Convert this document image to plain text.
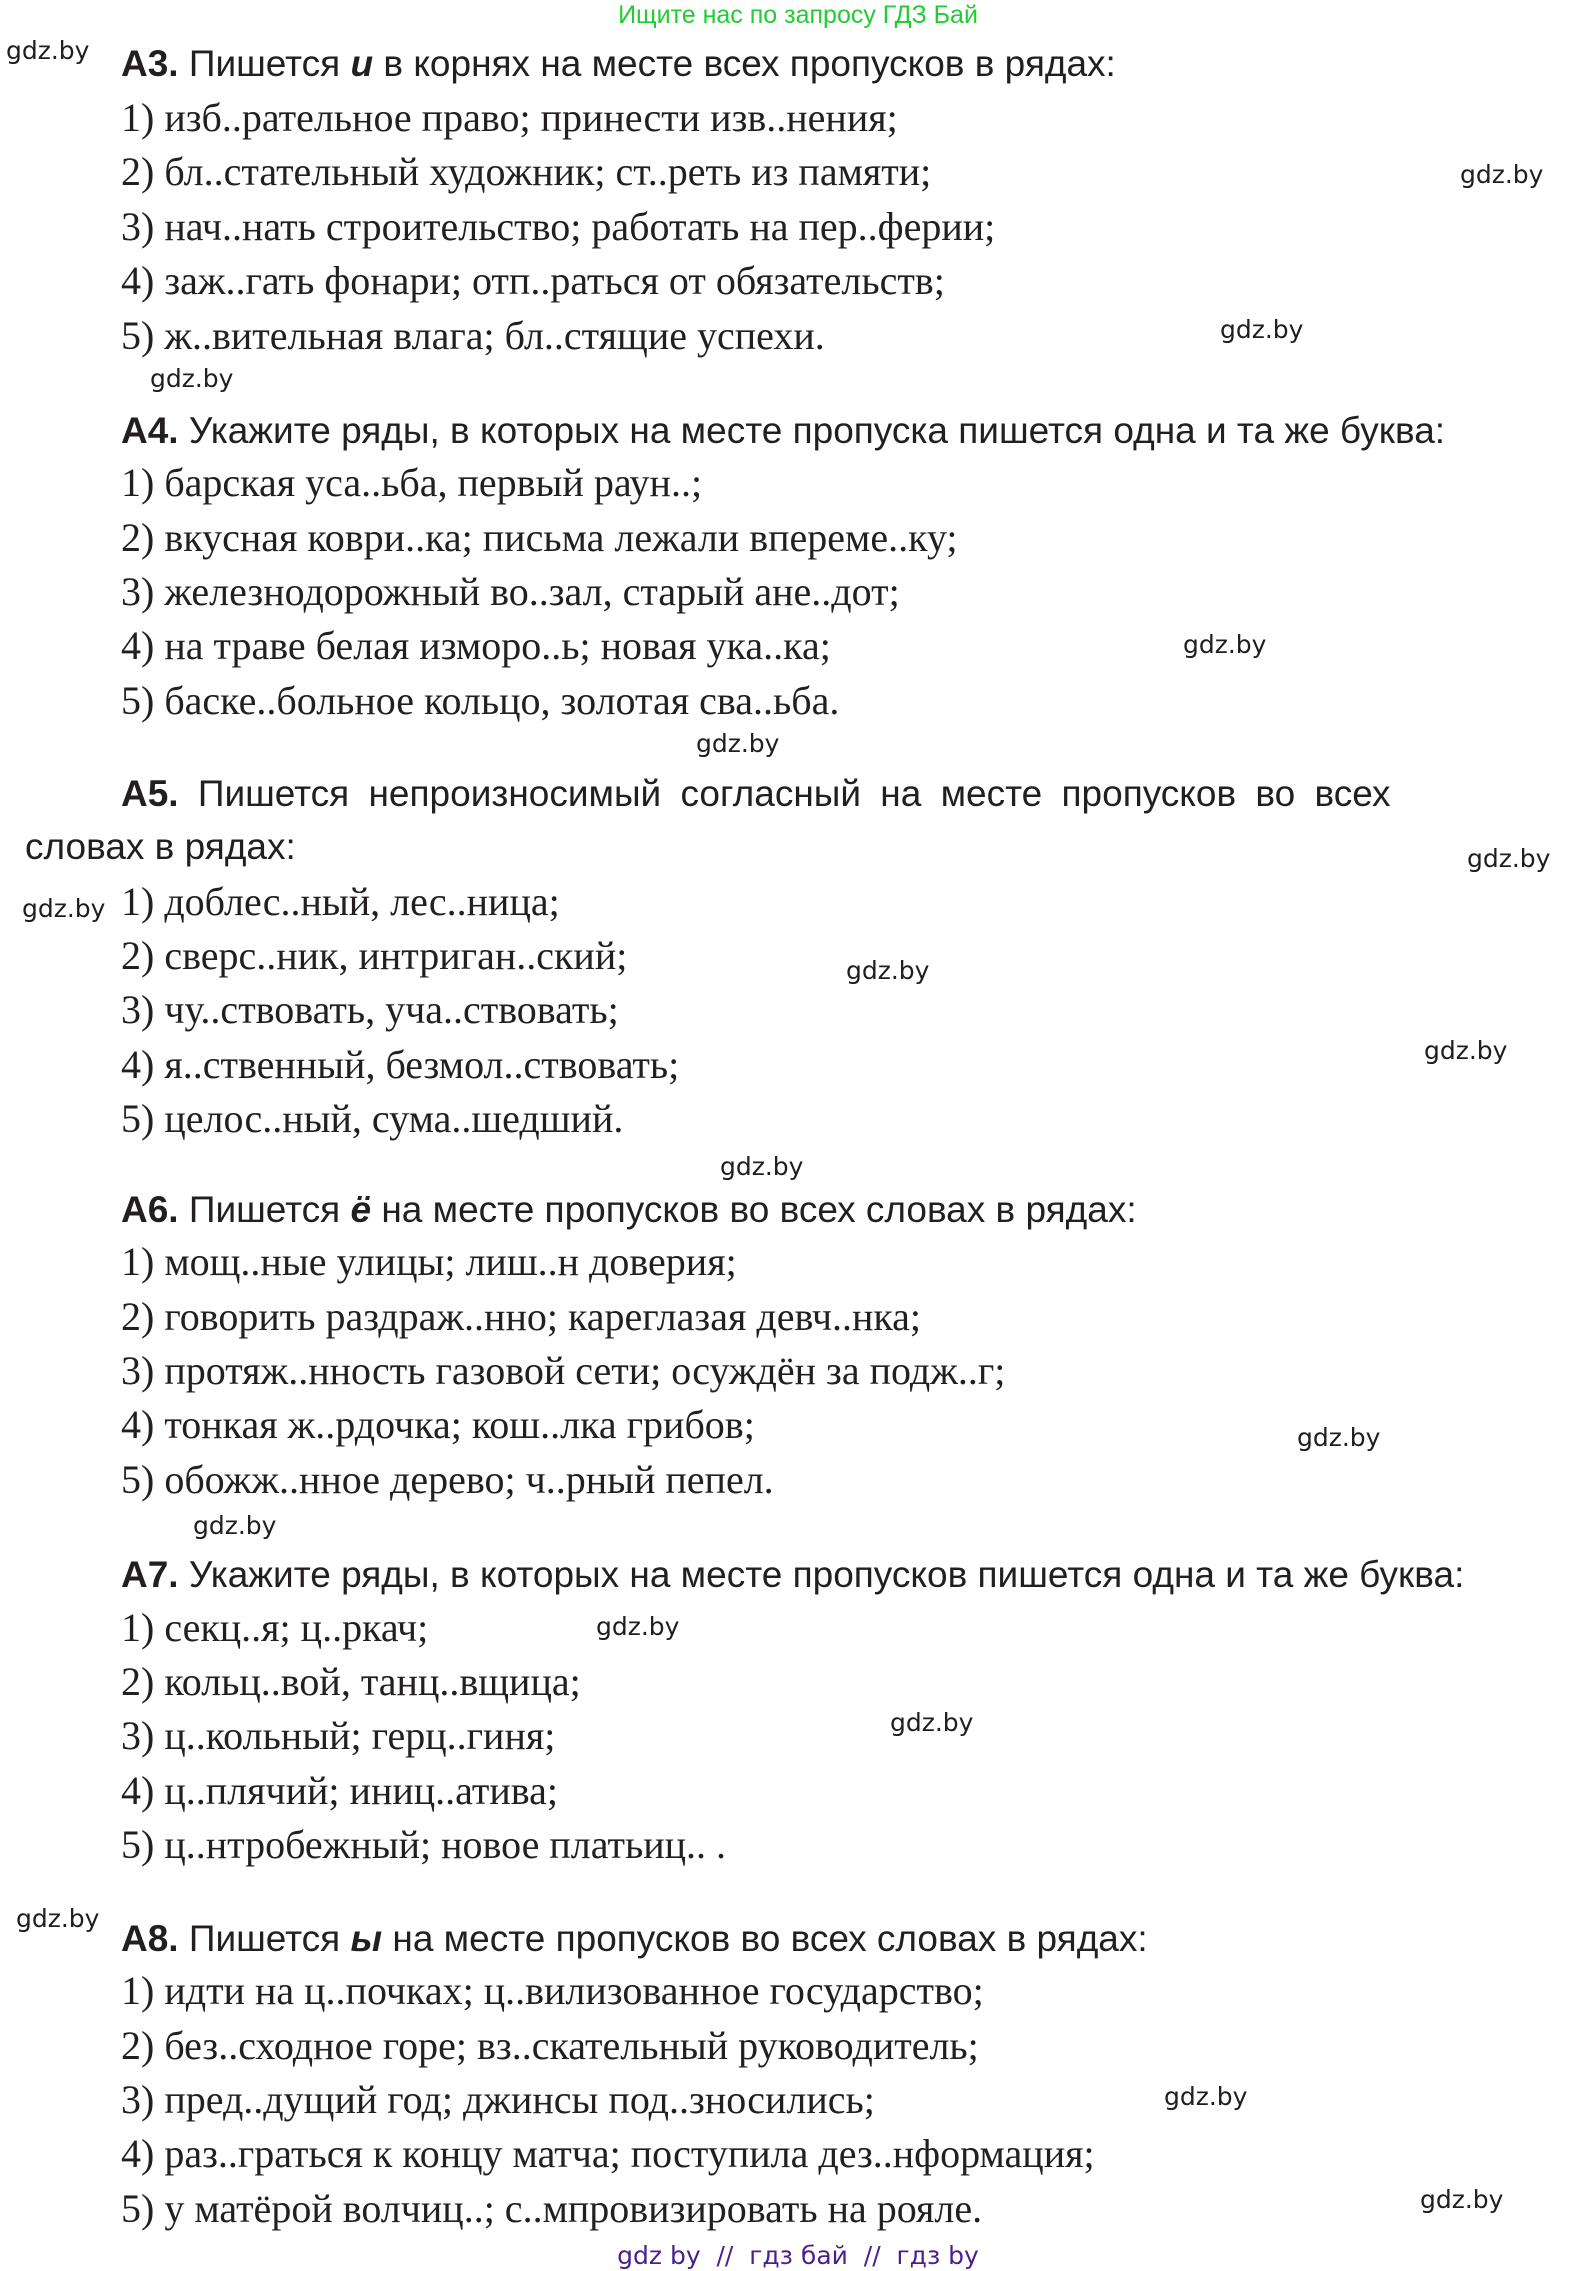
Ищите нас по запросу ГДЗ Бай
gdz.by
gdz.by
gdz.by
gdz.by
gdz.by
gdz.by
gdz.by
gdz.by
gdz.by
gdz.by
gdz.by
gdz.by
gdz.by
gdz.by
gdz.by
gdz.by
gdz.by
gdz.by
А3. Пишется и в корнях на месте всех пропусков в рядах:
1) изб..рательное право; принести изв..нения;
2) бл..стательный художник; ст..реть из памяти;
3) нач..нать строительство; работать на пер..ферии;
4) заж..гать фонари; отп..раться от обязательств;
5) ж..вительная влага; бл..стящие успехи.
А4. Укажите ряды, в которых на месте пропуска пишется одна и та же буква:
1) барская уса..ьба, первый раун..;
2) вкусная коври..ка; письма лежали впереме..ку;
3) железнодорожный во..зал, старый ане..дот;
4) на траве белая изморо..ь; новая ука..ка;
5) баске..больное кольцо, золотая сва..ьба.
А5. Пишется непроизносимый согласный на месте пропусков во всех
словах в рядах:
1) доблес..ный, лес..ница;
2) сверс..ник, интриган..ский;
3) чу..ствовать, уча..ствовать;
4) я..ственный, безмол..ствовать;
5) целос..ный, сума..шедший.
А6. Пишется ё на месте пропусков во всех словах в рядах:
1) мощ..ные улицы; лиш..н доверия;
2) говорить раздраж..нно; кареглазая девч..нка;
3) протяж..нность газовой сети; осуждён за подж..г;
4) тонкая ж..рдочка; кош..лка грибов;
5) обожж..нное дерево; ч..рный пепел.
А7. Укажите ряды, в которых на месте пропусков пишется одна и та же буква:
1) секц..я; ц..ркач;
2) кольц..вой, танц..вщица;
3) ц..кольный; герц..гиня;
4) ц..плячий; иниц..атива;
5) ц..нтробежный; новое платьиц.. .
А8. Пишется ы на месте пропусков во всех словах в рядах:
1) идти на ц..почках; ц..вилизованное государство;
2) без..сходное горе; вз..скательный руководитель;
3) пред..дущий год; джинсы под..зносились;
4) раз..граться к концу матча; поступила дез..нформация;
5) у матёрой волчиц..; с..мпровизировать на рояле.
gdz by  //  гдз бай  //  гдз by
